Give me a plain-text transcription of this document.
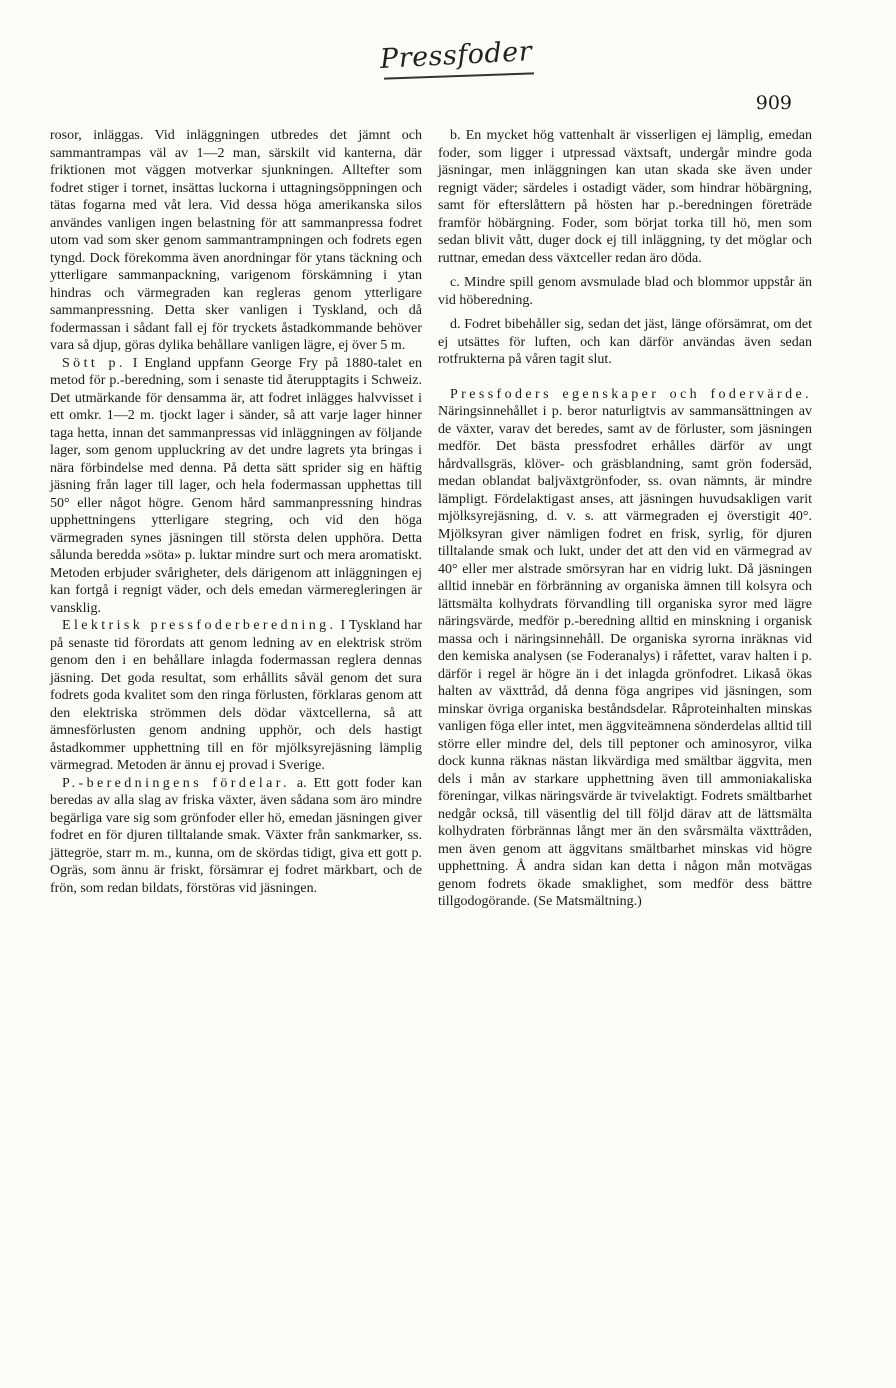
Pressfoder
909

rosor, inläggas. Vid inläggningen utbredes det jämnt och sammantrampas väl av 1—2 man, särskilt vid kanterna, där friktionen mot väggen motverkar sjunkningen. Alltefter som fodret stiger i tornet, insättas luckorna i uttagningsöppningen och tätas fogarna med våt lera. Vid dessa höga amerikanska silos användes vanligen ingen belastning för att sammanpressa fodret utom vad som sker genom sammantrampningen och fodrets egen tyngd. Dock förekomma även anordningar för ytans täckning och ytterligare sammanpackning, varigenom förskämning i ytan hindras och värmegraden kan regleras genom ytterligare sammanpressning. Detta sker vanligen i Tyskland, och då fodermassan i sådant fall ej för tryckets åstadkommande behöver vara så djup, göras dylika behållare vanligen lägre, ej över 5 m.

Sött p. I England uppfann George Fry på 1880-talet en metod för p.-beredning, som i senaste tid återupptagits i Schweiz. Det utmärkande för densamma är, att fodret inlägges halvvisset i ett omkr. 1—2 m. tjockt lager i sänder, så att varje lager hinner taga hetta, innan det sammanpressas vid inläggningen av följande lager, som genom uppluckring av det undre lagrets yta bringas i nära förbindelse med denna. På detta sätt sprider sig en häftig jäsning från lager till lager, och hela fodermassan upphettas till 50° eller något högre. Genom hård sammanpressning hindras upphettningens ytterligare stegring, och vid den höga värmegraden synes jäsningen till största delen upphöra. Detta sålunda beredda »söta» p. luktar mindre surt och mera aromatiskt. Metoden erbjuder svårigheter, dels därigenom att inläggningen ej kan fortgå i regnigt väder, och dels emedan värmeregleringen är vansklig.

Elektrisk pressfoderberedning. I Tyskland har på senaste tid förordats att genom ledning av en elektrisk ström genom den i en behållare inlagda fodermassan reglera dennas jäsning. Det goda resultat, som erhållits såväl genom det sura fodrets goda kvalitet som den ringa förlusten, förklaras genom att den elektriska strömmen dels dödar växtcellerna, så att ämnesförlusten genom andning upphör, och dels hastigt åstadkommer upphettning till en för mjölksyrejäsning lämplig värmegrad. Metoden är ännu ej provad i Sverige.

P.-beredningens fördelar. a. Ett gott foder kan beredas av alla slag av friska växter, även sådana som äro mindre begärliga vare sig som grönfoder eller hö, emedan jäsningen giver fodret en för djuren tilltalande smak. Växter från sankmarker, ss. jättegröe, starr m. m., kunna, om de skördas tidigt, giva ett gott p. Ogräs, som ännu är friskt, försämrar ej fodret märkbart, och de frön, som redan bildats, förstöras vid jäsningen.

b. En mycket hög vattenhalt är visserligen ej lämplig, emedan foder, som ligger i utpressad växtsaft, undergår mindre goda jäsningar, men inläggningen kan utan skada ske även under regnigt väder; särdeles i ostadigt väder, som hindrar höbärgning, samt för efterslåttern på hösten har p.-beredningen företräde framför höbärgning. Foder, som börjat torka till hö, men som sedan blivit vått, duger dock ej till inläggning, ty det möglar och ruttnar, emedan dess växtceller redan äro döda.

c. Mindre spill genom avsmulade blad och blommor uppstår än vid höberedning.

d. Fodret bibehåller sig, sedan det jäst, länge oförsämrat, om det ej utsättes för luften, och kan därför användas även sedan rotfrukterna på våren tagit slut.

Pressfoders egenskaper och fodervärde. Näringsinnehållet i p. beror naturligtvis av sammansättningen av de växter, varav det beredes, samt av de förluster, som jäsningen medför. Det bästa pressfodret erhålles därför av ungt hårdvallsgräs, klöver- och gräsblandning, samt grön fodersäd, medan oblandat baljväxtgrönfoder, ss. ovan nämnts, är mindre lämpligt. Fördelaktigast anses, att jäsningen huvudsakligen varit mjölksyrejäsning, d. v. s. att värmegraden ej överstigit 40°. Mjölksyran giver nämligen fodret en frisk, syrlig, för djuren tilltalande smak och lukt, under det att den vid en värmegrad av 40° eller mer alstrade smörsyran har en vidrig lukt. Då jäsningen alltid innebär en förbränning av organiska ämnen till kolsyra och lättsmälta kolhydrats förvandling till organiska syror med lägre näringsvärde, medför p.-beredning alltid en minskning i organisk massa och i näringsinnehåll. De organiska syrorna inräknas vid den kemiska analysen (se Foderanalys) i råfettet, varav halten i p. därför i regel är högre än i det inlagda grönfodret. Likaså ökas halten av växttråd, då denna föga angripes vid jäsningen, som minskar övriga organiska beståndsdelar. Råproteinhalten minskas vanligen föga eller intet, men äggviteämnena sönderdelas alltid till större eller mindre del, dels till peptoner och aminosyror, vilka dock kunna räknas nästan likvärdiga med smältbar äggvita, men dels i mån av starkare upphettning även till ammoniakaliska föreningar, vilkas näringsvärde är tvivelaktigt. Fodrets smältbarhet nedgår också, till väsentlig del till följd därav att de lättsmälta kolhydraten förbrännas långt mer än den svårsmälta växttråden, men även genom att äggvitans smältbarhet minskas vid högre upphettning. Å andra sidan kan detta i någon mån motvägas genom fodrets ökade smaklighet, som medför dess bättre tillgodogörande. (Se Matsmältning.)
